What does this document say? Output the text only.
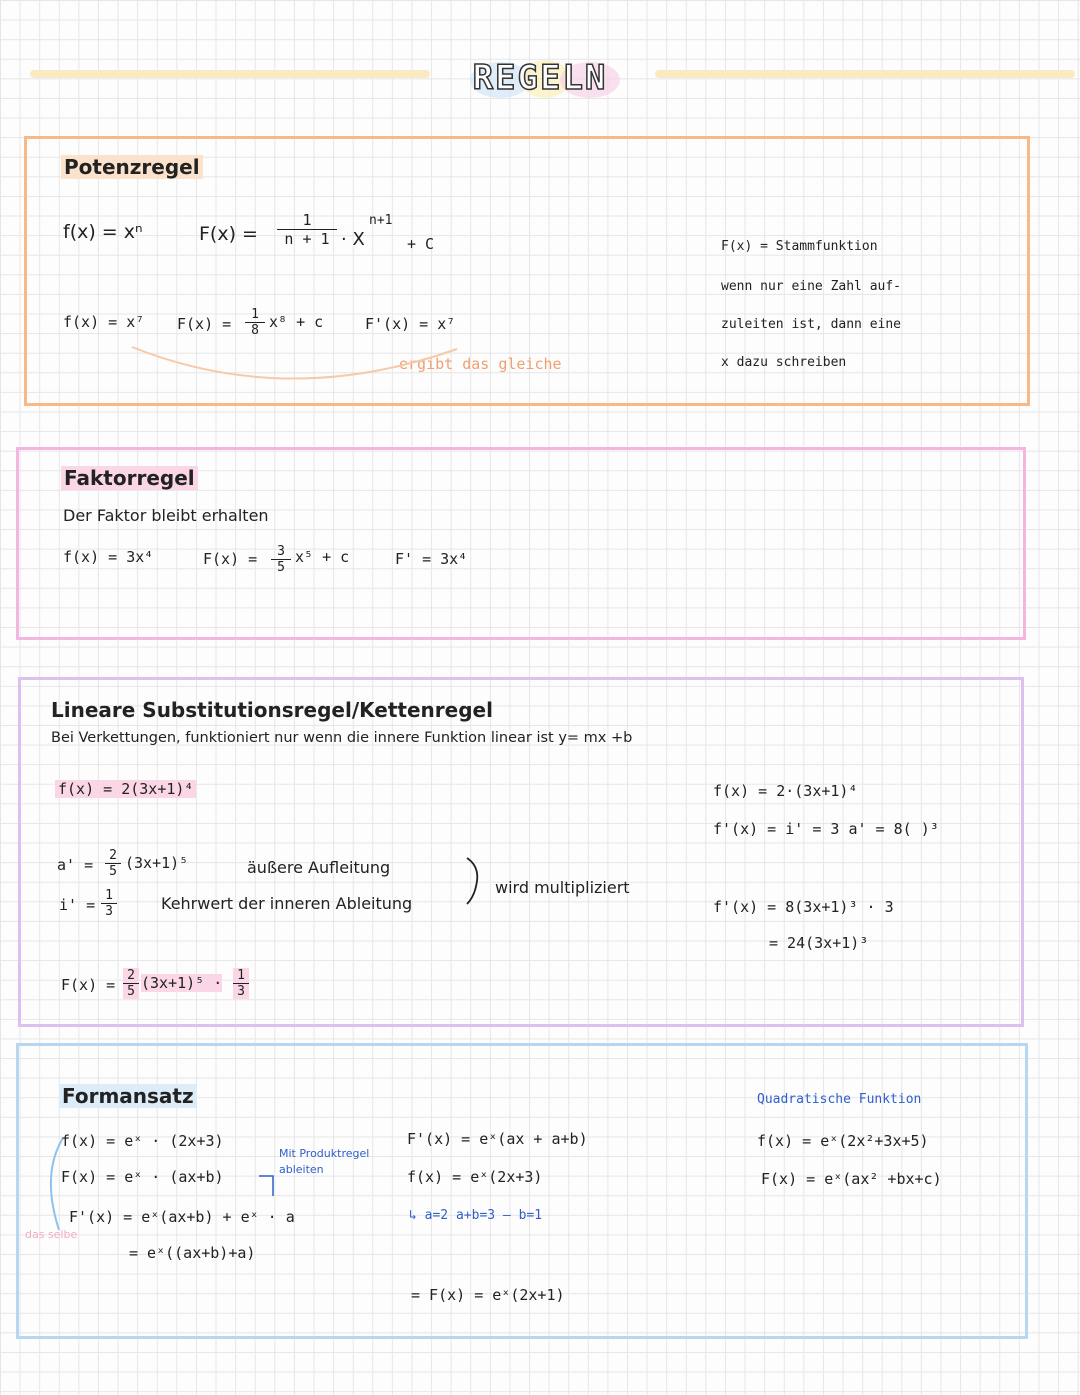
REGELN
Potenzregel
f(x) = xⁿ	$F(x) = \frac{1}{n + 1} \cdot X$
n+1
+ C
f(x) = x⁷ $F(x) = \frac{1}{8} x^8 + c$	F'(x) = x⁷
ergibt das gleiche
F(x) = Stammfunktion
wenn nur eine Zahl auf-
zuleiten ist, dann eine
x dazu schreiben
Faktorregel
Der Faktor bleibt erhalten
f(x) = 3x⁴	$F(x) = \frac{3}{5} x^5 + c$	F' = 3x⁴
Lineare Substitutionsregel/Kettenregel
Bei Verkettungen, funktioniert nur wenn die innere Funktion linear ist y= mx +b
f(x) = 2(3x+1)⁴
$a' = \frac{2}{5} (3x+1)^5$
$i' = \frac{1}{3}$
äußere Aufleitung
Kehrwert der inneren Ableitung
wird multipliziert
$F(x) = \frac{2}{5} (3x+1)^5 \cdot \frac{1}{3}$
f(x) = 2·(3x+1)⁴
f'(x) = i' = 3 a' = 8( )³
f'(x) = 8(3x+1)³ · 3
= 24(3x+1)³
Formansatz
f(x) = eˣ · (2x+3)
F(x) = eˣ · (ax+b)
F'(x) = eˣ(ax+b) + eˣ · a
= eˣ((ax+b)+a)
das selbe
Mit Produktregel ableiten
F'(x) = eˣ(ax + a+b)
f(x) = eˣ(2x+3)
↳ a=2 a+b=3 — b=1
= F(x) = eˣ(2x+1)
Quadratische Funktion
f(x) = eˣ(2x²+3x+5)
F(x) = eˣ(ax² +bx+c)
